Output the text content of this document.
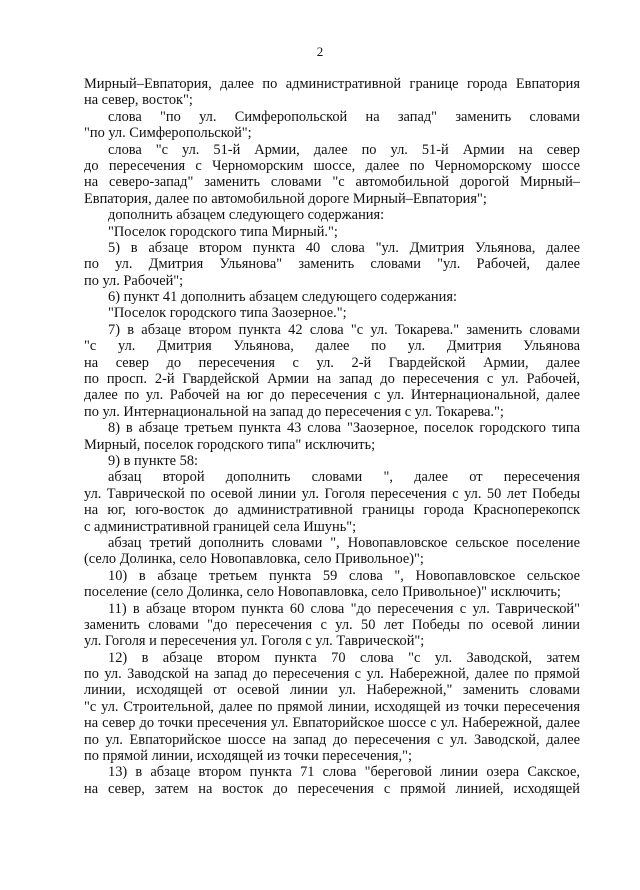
2
Мирный–Евпатория, далее по административной границе города Евпатория
на север, восток";
слова "по ул. Симферопольской на запад" заменить словами
"по ул. Симферопольской";
слова "с ул. 51-й Армии, далее по ул. 51-й Армии на север
до пересечения с Черноморским шоссе, далее по Черноморскому шоссе
на северо-запад" заменить словами "с автомобильной дорогой Мирный–
Евпатория, далее по автомобильной дороге Мирный–Евпатория";
дополнить абзацем следующего содержания:
"Поселок городского типа Мирный.";
5) в абзаце втором пункта 40 слова "ул. Дмитрия Ульянова, далее
по ул. Дмитрия Ульянова" заменить словами "ул. Рабочей, далее
по ул. Рабочей";
6) пункт 41 дополнить абзацем следующего содержания:
"Поселок городского типа Заозерное.";
7) в абзаце втором пункта 42 слова "с ул. Токарева." заменить словами
"с ул. Дмитрия Ульянова, далее по ул. Дмитрия Ульянова
на север до пересечения с ул. 2-й Гвардейской Армии, далее
по просп. 2-й Гвардейской Армии на запад до пересечения с ул. Рабочей,
далее по ул. Рабочей на юг до пересечения с ул. Интернациональной, далее
по ул. Интернациональной на запад до пересечения с ул. Токарева.";
8) в абзаце третьем пункта 43 слова "Заозерное, поселок городского типа
Мирный, поселок городского типа" исключить;
9) в пункте 58:
абзац второй дополнить словами ", далее от пересечения
ул. Таврической по осевой линии ул. Гоголя пересечения с ул. 50 лет Победы
на юг, юго-восток до административной границы города Красноперекопск
с административной границей села Ишунь";
абзац третий дополнить словами ", Новопавловское сельское поселение
(село Долинка, село Новопавловка, село Привольное)";
10) в абзаце третьем пункта 59 слова ", Новопавловское сельское
поселение (село Долинка, село Новопавловка, село Привольное)" исключить;
11) в абзаце втором пункта 60 слова "до пересечения с ул. Таврической"
заменить словами "до пересечения с ул. 50 лет Победы по осевой линии
ул. Гоголя и пересечения ул. Гоголя с ул. Таврической";
12) в абзаце втором пункта 70 слова "с ул. Заводской, затем
по ул. Заводской на запад до пересечения с ул. Набережной, далее по прямой
линии, исходящей от осевой линии ул. Набережной," заменить словами
"с ул. Строительной, далее по прямой линии, исходящей из точки пересечения
на север до точки пресечения ул. Евпаторийское шоссе с ул. Набережной, далее
по ул. Евпаторийское шоссе на запад до пересечения с ул. Заводской, далее
по прямой линии, исходящей из точки пересечения,";
13) в абзаце втором пункта 71 слова "береговой линии озера Сакское,
на север, затем на восток до пересечения с прямой линией, исходящей
